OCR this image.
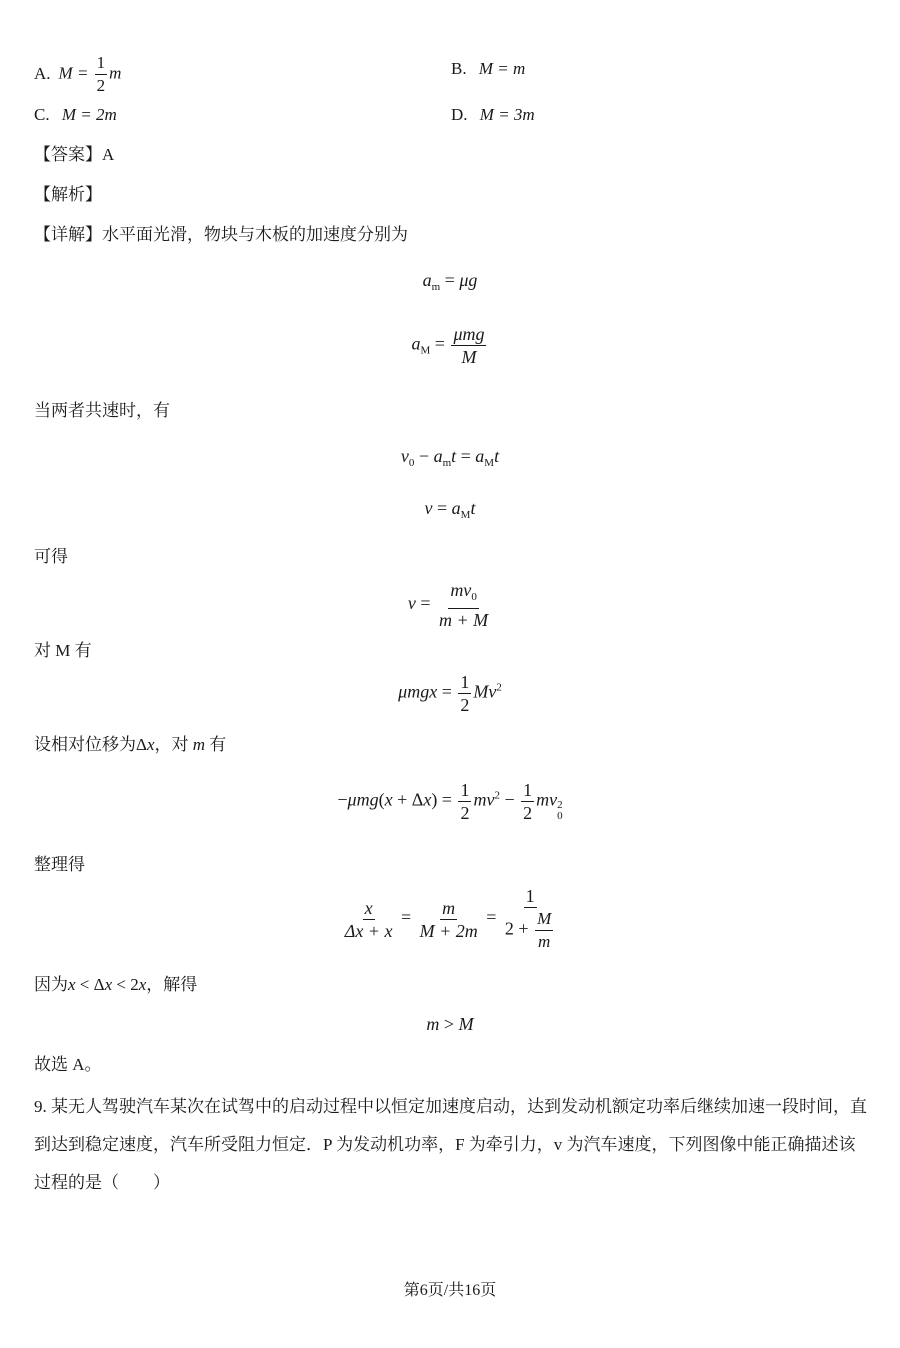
A. $M = \frac{1}{2}$ m	B. M = m
C. M = 2m	D. M = 3m
【答案】A
【解析】
【详解】水平面光滑，物块与木板的加速度分别为
$a_m = \mu g$
$a_M = \frac{\text{μmg}}{M}$
当两者共速时，有
$v_0 - a_mt = a_Mt$
$v = a_Mt$
可得
$v = \frac{mv_0}{m + M}$
对 M 有
$\mu mgx = \frac{1}{2} Mv^2$
设相对位移为Δx，对 m 有
$-\mu mg(x + \Delta x) = \frac{1}{2} mv^2 - \frac{1}{2}$ mv 2
0
整理得
$\frac{x}{\Delta x + x} = \frac{m}{M + 2m} = \frac{1}{2 + \frac{M}{m}}$
因为x < Δx < 2x，解得
m > M
故选 A。
9. 某无人驾驶汽车某次在试驾中的启动过程中以恒定加速度启动，达到发动机额定功率后继续加速一段时间，直到达到稳定速度，汽车所受阻力恒定．P 为发动机功率，F 为牵引力，v 为汽车速度，下列图像中能正确描述该过程的是（　　）
第6页/共16页
